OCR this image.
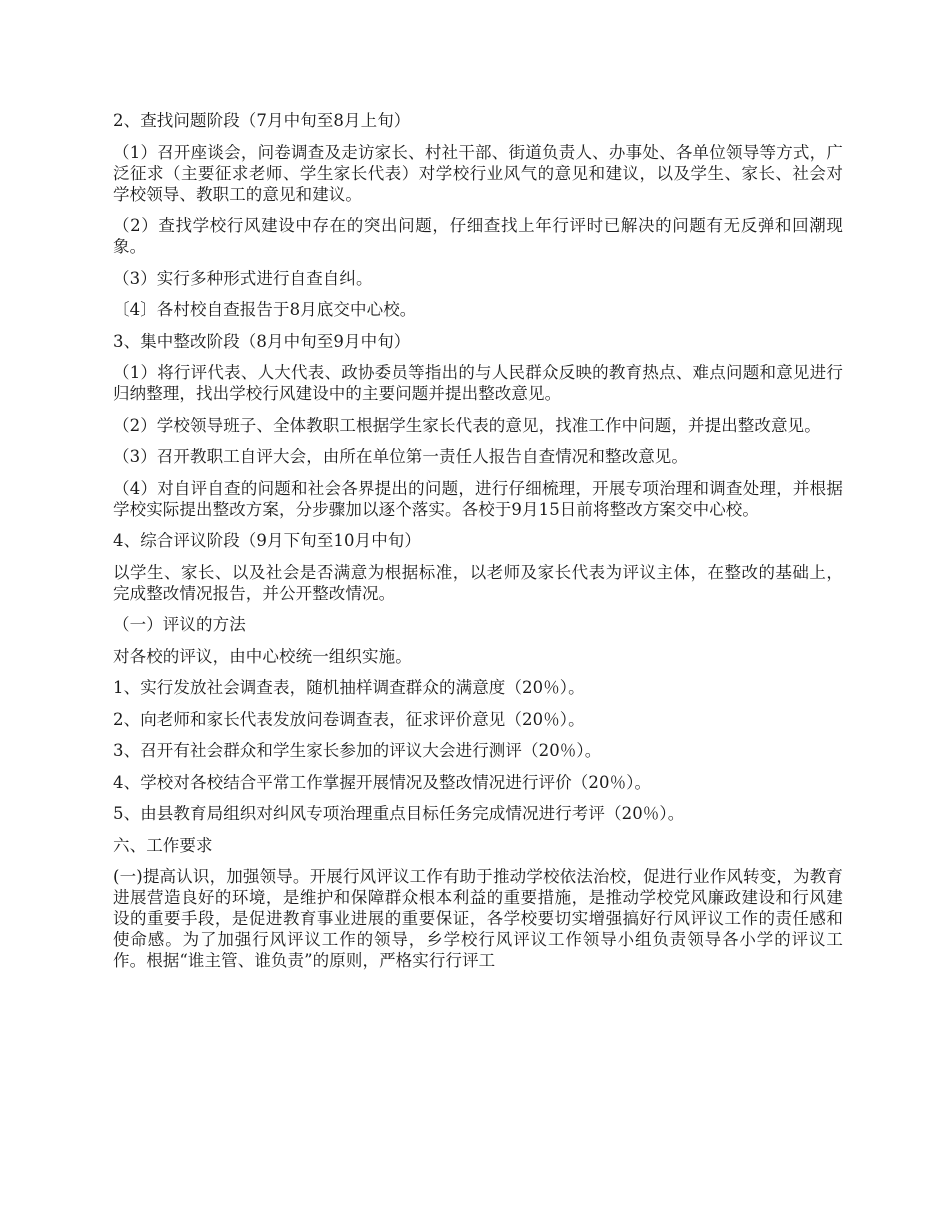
2、查找问题阶段（7月中旬至8月上旬）

（1）召开座谈会，问卷调查及走访家长、村社干部、街道负责人、办事处、各单位领导等方式，广泛征求（主要征求老师、学生家长代表）对学校行业风气的意见和建议，以及学生、家长、社会对学校领导、教职工的意见和建议。

（2）查找学校行风建设中存在的突出问题，仔细查找上年行评时已解决的问题有无反弹和回潮现象。

（3）实行多种形式进行自查自纠。

〔4〕各村校自查报告于8月底交中心校。

3、集中整改阶段（8月中旬至9月中旬）

（1）将行评代表、人大代表、政协委员等指出的与人民群众反映的教育热点、难点问题和意见进行归纳整理，找出学校行风建设中的主要问题并提出整改意见。

（2）学校领导班子、全体教职工根据学生家长代表的意见，找准工作中问题，并提出整改意见。

（3）召开教职工自评大会，由所在单位第一责任人报告自查情况和整改意见。

（4）对自评自查的问题和社会各界提出的问题，进行仔细梳理，开展专项治理和调查处理，并根据学校实际提出整改方案，分步骤加以逐个落实。各校于9月15日前将整改方案交中心校。

4、综合评议阶段（9月下旬至10月中旬）

以学生、家长、以及社会是否满意为根据标准，以老师及家长代表为评议主体，在整改的基础上，完成整改情况报告，并公开整改情况。

（一）评议的方法

对各校的评议，由中心校统一组织实施。

1、实行发放社会调查表，随机抽样调查群众的满意度（20％）。

2、向老师和家长代表发放问卷调查表，征求评价意见（20％）。

3、召开有社会群众和学生家长参加的评议大会进行测评（20％）。

4、学校对各校结合平常工作掌握开展情况及整改情况进行评价（20％）。

5、由县教育局组织对纠风专项治理重点目标任务完成情况进行考评（20％）。

六、工作要求

(一)提高认识，加强领导。开展行风评议工作有助于推动学校依法治校，促进行业作风转变，为教育进展营造良好的环境，是维护和保障群众根本利益的重要措施，是推动学校党风廉政建设和行风建设的重要手段，是促进教育事业进展的重要保证，各学校要切实增强搞好行风评议工作的责任感和使命感。为了加强行风评议工作的领导，乡学校行风评议工作领导小组负责领导各小学的评议工作。根据“谁主管、谁负责”的原则，严格实行行评工
